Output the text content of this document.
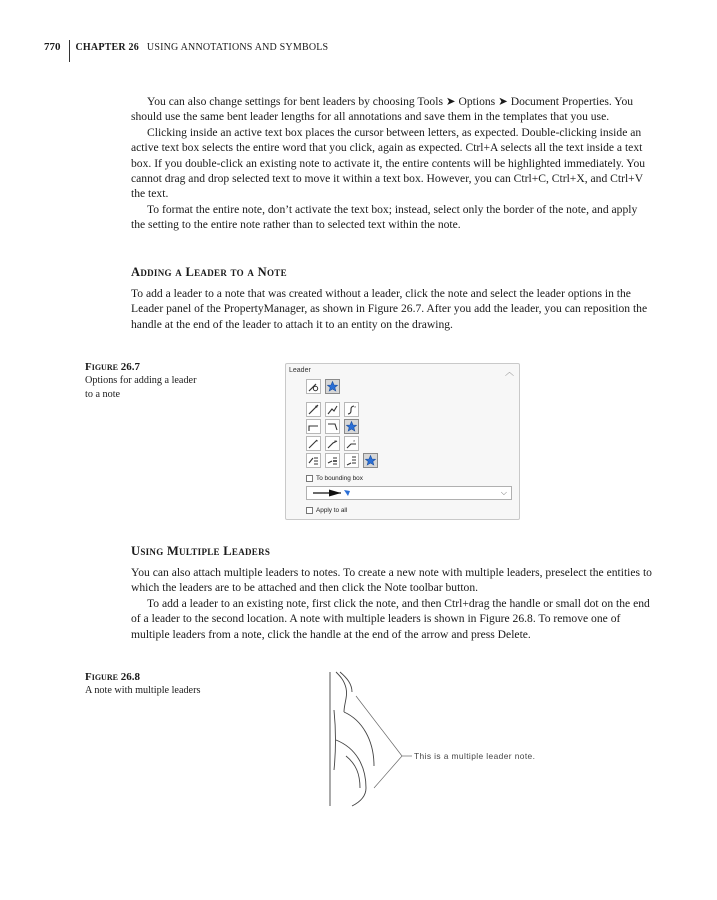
770 CHAPTER 26 USING ANNOTATIONS AND SYMBOLS

You can also change settings for bent leaders by choosing Tools ➤ Options ➤ Document Properties. You should use the same bent leader lengths for all annotations and save them in the templates that you use.

Clicking inside an active text box places the cursor between letters, as expected. Double-clicking inside an active text box selects the entire word that you click, again as expected. Ctrl+A selects all the text inside a text box. If you double-click an existing note to activate it, the entire contents will be highlighted immediately. You cannot drag and drop selected text to move it within a text box. However, you can Ctrl+C, Ctrl+X, and Ctrl+V the text.

To format the entire note, don’t activate the text box; instead, select only the border of the note, and apply the setting to the entire note rather than to selected text within the note.

Adding a Leader to a Note

To add a leader to a note that was created without a leader, click the note and select the leader options in the Leader panel of the PropertyManager, as shown in Figure 26.7. After you add the leader, you can reposition the handle at the end of the leader to attach it to an entity on the drawing.

Figure 26.7
Options for adding a leader to a note
Leader	︿
×
×	×	×
To bounding box
⌵
Apply to all
Using Multiple Leaders

You can also attach multiple leaders to notes. To create a new note with multiple leaders, preselect the entities to which the leaders are to be attached and then click the Note toolbar button.

To add a leader to an existing note, first click the note, and then Ctrl+drag the handle or small dot on the end of a leader to the second location. A note with multiple leaders is shown in Figure 26.8. To remove one of multiple leaders from a note, click the handle at the end of the arrow and press Delete.

Figure 26.8
A note with multiple leaders
This is a multiple leader note.
